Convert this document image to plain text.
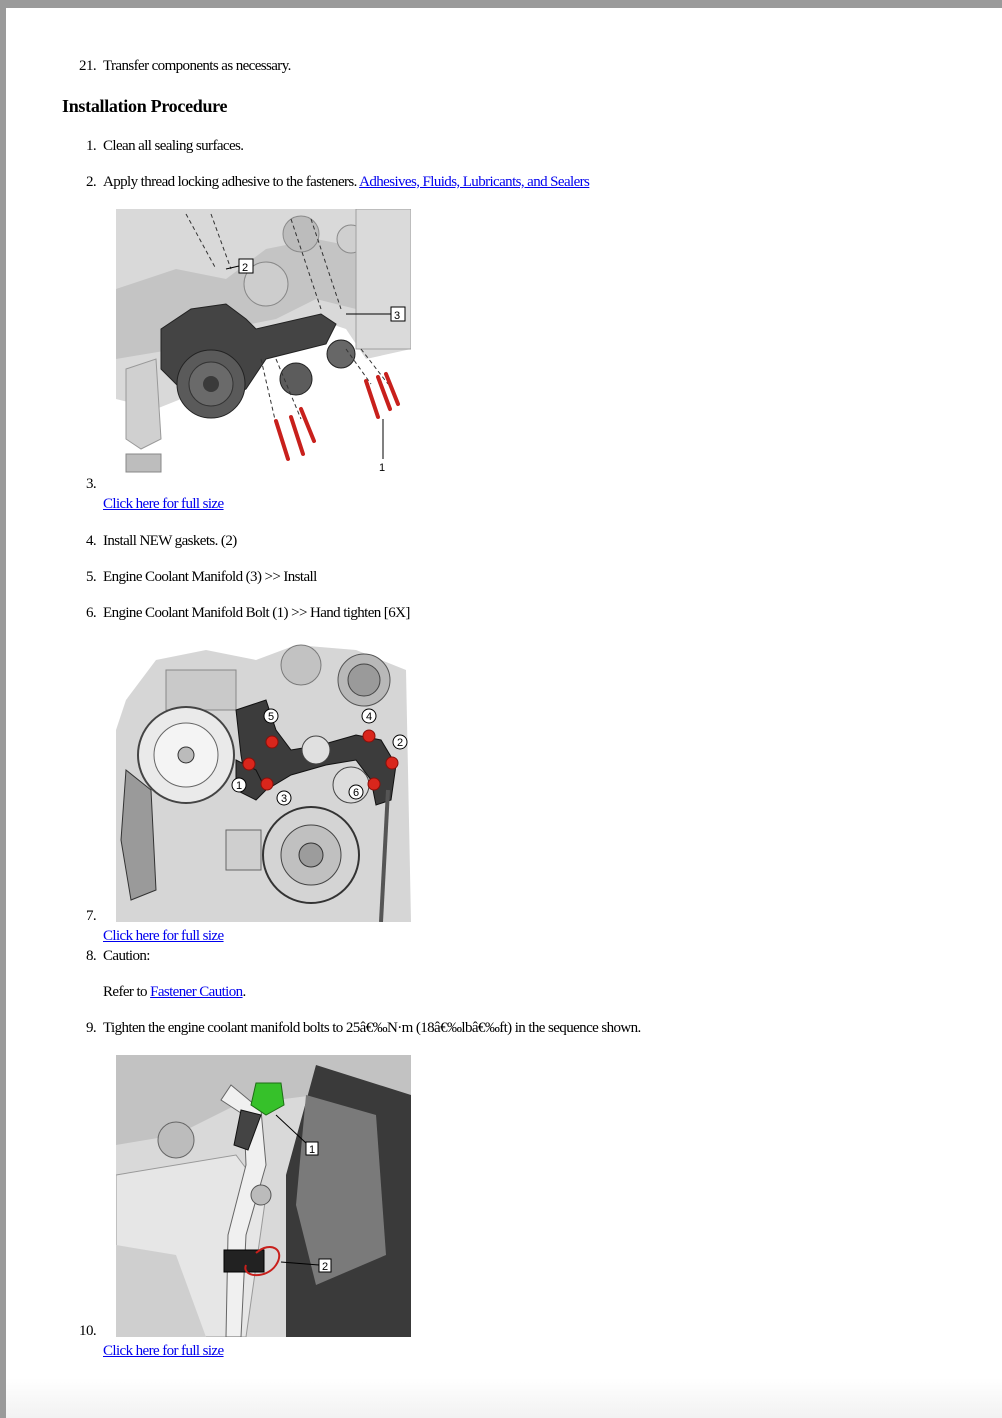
21. Transfer components as necessary.
Installation Procedure
1. Clean all sealing surfaces.
2. Apply thread locking adhesive to the fasteners. Adhesives, Fluids, Lubricants, and Sealers
2
3
1
3.
Click here for full size
4. Install NEW gaskets. (2)
5. Engine Coolant Manifold (3) >> Install
6. Engine Coolant Manifold Bolt (1) >> Hand tighten [6X]
1
2
3
4
5
6
7.
Click here for full size
8. Caution:
Refer to Fastener Caution.
9. Tighten the engine coolant manifold bolts to 25â€‰N·m (18â€‰lbâ€‰ft) in the sequence shown.
1
2
10.
Click here for full size
